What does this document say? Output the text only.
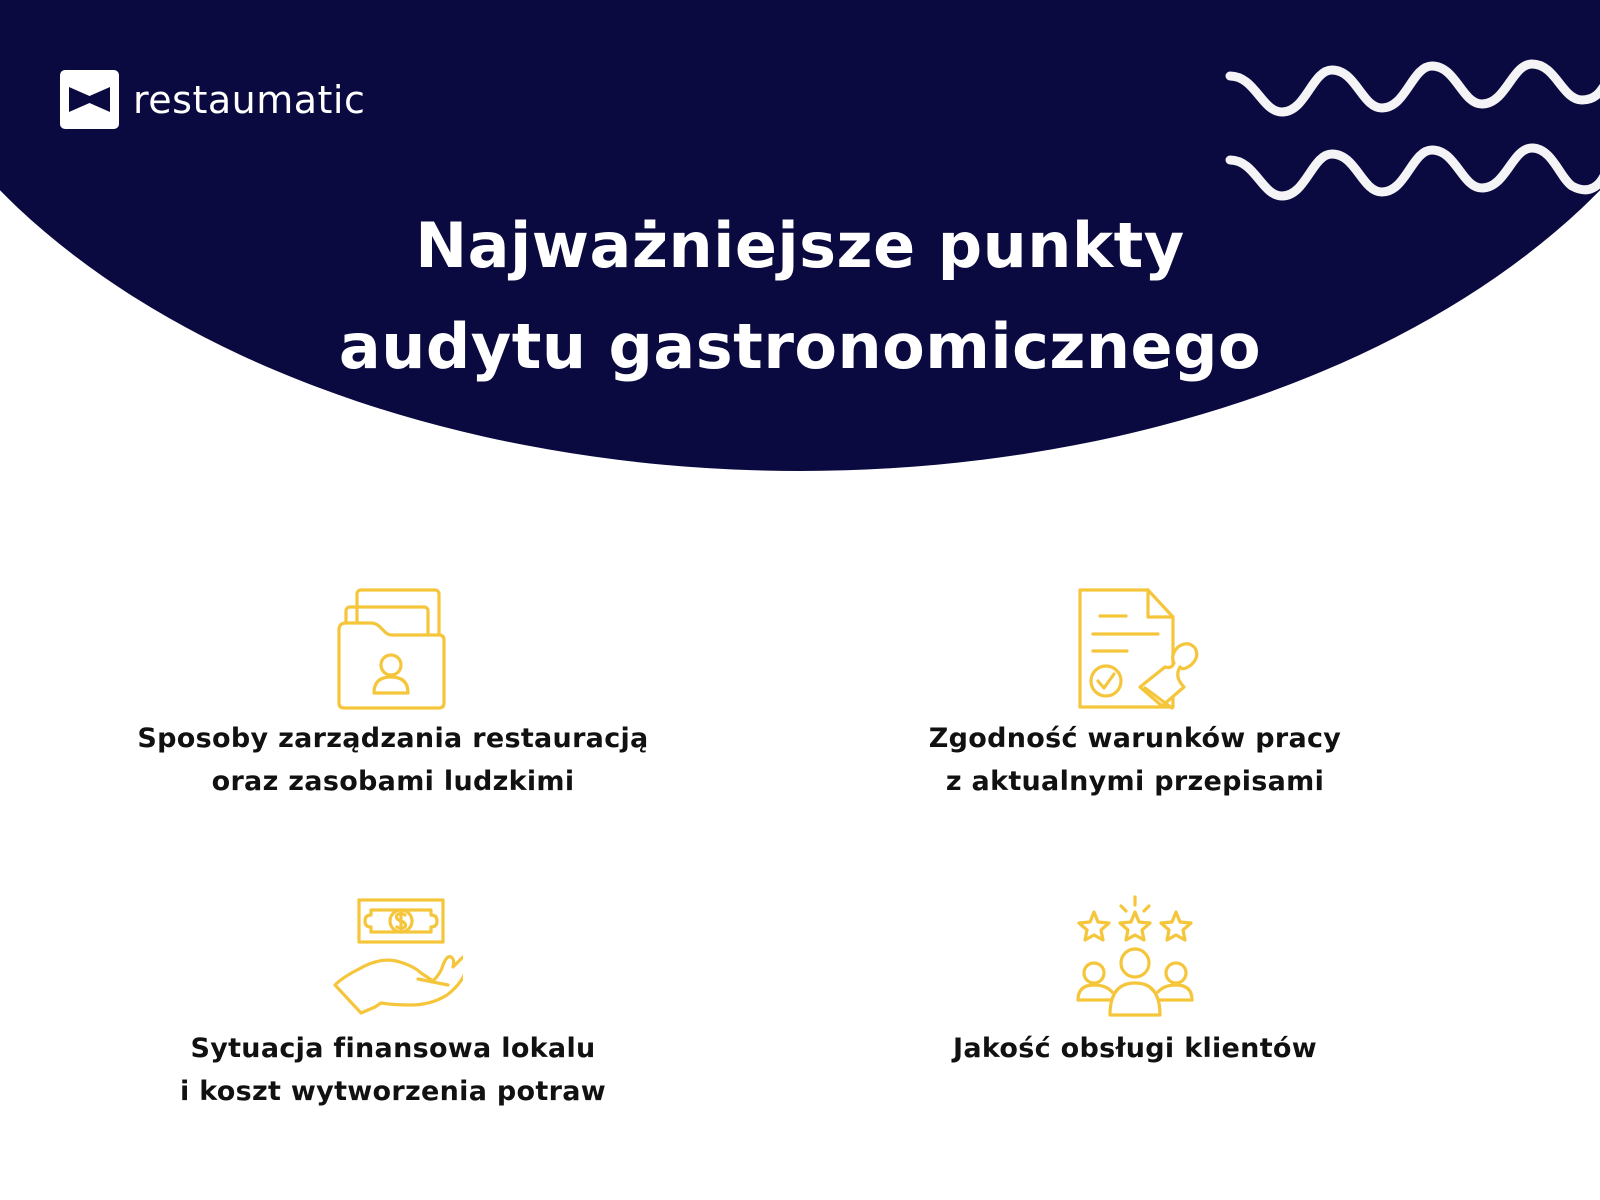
restaumatic
Najważniejsze punkty
audytu gastronomicznego
Sposoby zarządzania restauracją
oraz zasobami ludzkimi
Zgodność warunków pracy
z aktualnymi przepisami
Sytuacja finansowa lokalu
i koszt wytworzenia potraw
Jakość obsługi klientów
